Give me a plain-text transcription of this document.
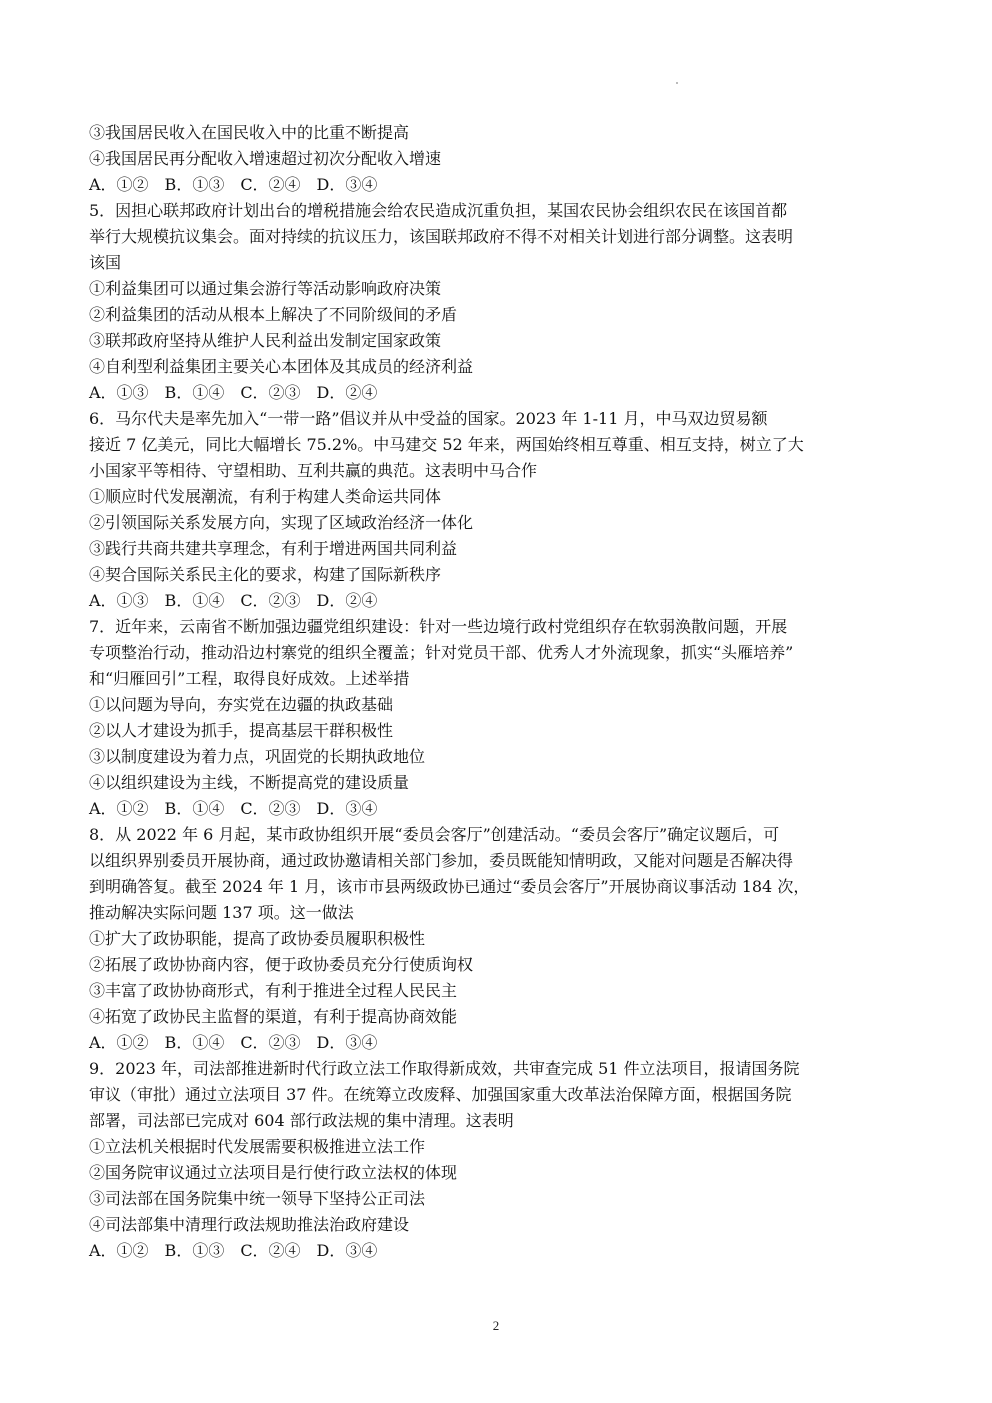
③我国居民收入在国民收入中的比重不断提高
④我国居民再分配收入增速超过初次分配收入增速
A．①②　B．①③　C．②④　D．③④
5．因担心联邦政府计划出台的增税措施会给农民造成沉重负担，某国农民协会组织农民在该国首都
举行大规模抗议集会。面对持续的抗议压力，该国联邦政府不得不对相关计划进行部分调整。这表明
该国
①利益集团可以通过集会游行等活动影响政府决策
②利益集团的活动从根本上解决了不同阶级间的矛盾
③联邦政府坚持从维护人民利益出发制定国家政策
④自利型利益集团主要关心本团体及其成员的经济利益
A．①③　B．①④　C．②③　D．②④
6．马尔代夫是率先加入“一带一路”倡议并从中受益的国家。2023 年 1-11 月，中马双边贸易额
接近 7 亿美元，同比大幅增长 75.2%。中马建交 52 年来，两国始终相互尊重、相互支持，树立了大
小国家平等相待、守望相助、互利共赢的典范。这表明中马合作
①顺应时代发展潮流，有利于构建人类命运共同体
②引领国际关系发展方向，实现了区域政治经济一体化
③践行共商共建共享理念，有利于增进两国共同利益
④契合国际关系民主化的要求，构建了国际新秩序
A．①③　B．①④　C．②③　D．②④
7．近年来，云南省不断加强边疆党组织建设：针对一些边境行政村党组织存在软弱涣散问题，开展
专项整治行动，推动沿边村寨党的组织全覆盖；针对党员干部、优秀人才外流现象，抓实“头雁培养”
和“归雁回引”工程，取得良好成效。上述举措
①以问题为导向，夯实党在边疆的执政基础
②以人才建设为抓手，提高基层干群积极性
③以制度建设为着力点，巩固党的长期执政地位
④以组织建设为主线，不断提高党的建设质量
A．①②　B．①④　C．②③　D．③④
8．从 2022 年 6 月起，某市政协组织开展“委员会客厅”创建活动。“委员会客厅”确定议题后，可
以组织界别委员开展协商，通过政协邀请相关部门参加，委员既能知情明政，又能对问题是否解决得
到明确答复。截至 2024 年 1 月，该市市县两级政协已通过“委员会客厅”开展协商议事活动 184 次，
推动解决实际问题 137 项。这一做法
①扩大了政协职能，提高了政协委员履职积极性
②拓展了政协协商内容，便于政协委员充分行使质询权
③丰富了政协协商形式，有利于推进全过程人民民主
④拓宽了政协民主监督的渠道，有利于提高协商效能
A．①②　B．①④　C．②③　D．③④
9．2023 年，司法部推进新时代行政立法工作取得新成效，共审查完成 51 件立法项目，报请国务院
审议（审批）通过立法项目 37 件。在统筹立改废释、加强国家重大改革法治保障方面，根据国务院
部署，司法部已完成对 604 部行政法规的集中清理。这表明
①立法机关根据时代发展需要积极推进立法工作
②国务院审议通过立法项目是行使行政立法权的体现
③司法部在国务院集中统一领导下坚持公正司法
④司法部集中清理行政法规助推法治政府建设
A．①②　B．①③　C．②④　D．③④
2
